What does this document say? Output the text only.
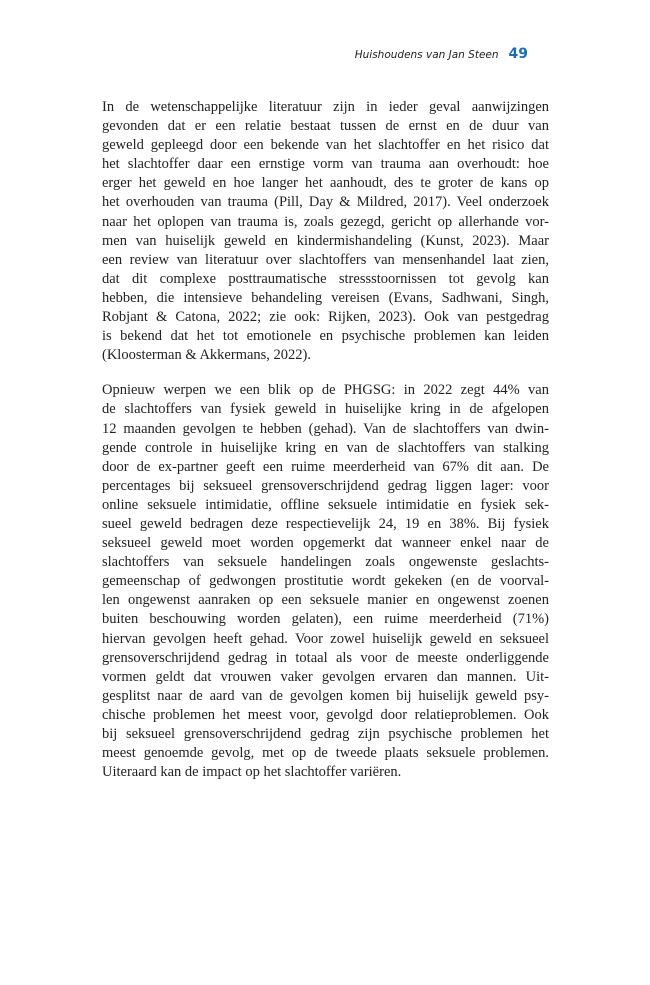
Huishoudens van Jan Steen 49

In de wetenschappelijke literatuur zijn in ieder geval aanwijzingen
gevonden dat er een relatie bestaat tussen de ernst en de duur van
geweld gepleegd door een bekende van het slachtoffer en het risico dat
het slachtoffer daar een ernstige vorm van trauma aan overhoudt: hoe
erger het geweld en hoe langer het aanhoudt, des te groter de kans op
het overhouden van trauma (Pill, Day & Mildred, 2017). Veel onderzoek
naar het oplopen van trauma is, zoals gezegd, gericht op allerhande vor-
men van huiselijk geweld en kindermishandeling (Kunst, 2023). Maar
een review van literatuur over slachtoffers van mensenhandel laat zien,
dat dit complexe posttraumatische stressstoornissen tot gevolg kan
hebben, die intensieve behandeling vereisen (Evans, Sadhwani, Singh,
Robjant & Catona, 2022; zie ook: Rijken, 2023). Ook van pestgedrag
is bekend dat het tot emotionele en psychische problemen kan leiden
(Kloosterman & Akkermans, 2022).

Opnieuw werpen we een blik op de PHGSG: in 2022 zegt 44% van
de slachtoffers van fysiek geweld in huiselijke kring in de afgelopen
12 maanden gevolgen te hebben (gehad). Van de slachtoffers van dwin-
gende controle in huiselijke kring en van de slachtoffers van stalking
door de ex-partner geeft een ruime meerderheid van 67% dit aan. De
percentages bij seksueel grensoverschrijdend gedrag liggen lager: voor
online seksuele intimidatie, offline seksuele intimidatie en fysiek sek-
sueel geweld bedragen deze respectievelijk 24, 19 en 38%. Bij fysiek
seksueel geweld moet worden opgemerkt dat wanneer enkel naar de
slachtoffers van seksuele handelingen zoals ongewenste geslachts-
gemeenschap of gedwongen prostitutie wordt gekeken (en de voorval-
len ongewenst aanraken op een seksuele manier en ongewenst zoenen
buiten beschouwing worden gelaten), een ruime meerderheid (71%)
hiervan gevolgen heeft gehad. Voor zowel huiselijk geweld en seksueel
grensoverschrijdend gedrag in totaal als voor de meeste onderliggende
vormen geldt dat vrouwen vaker gevolgen ervaren dan mannen. Uit-
gesplitst naar de aard van de gevolgen komen bij huiselijk geweld psy-
chische problemen het meest voor, gevolgd door relatieproblemen. Ook
bij seksueel grensoverschrijdend gedrag zijn psychische problemen het
meest genoemde gevolg, met op de tweede plaats seksuele problemen.
Uiteraard kan de impact op het slachtoffer variëren.
